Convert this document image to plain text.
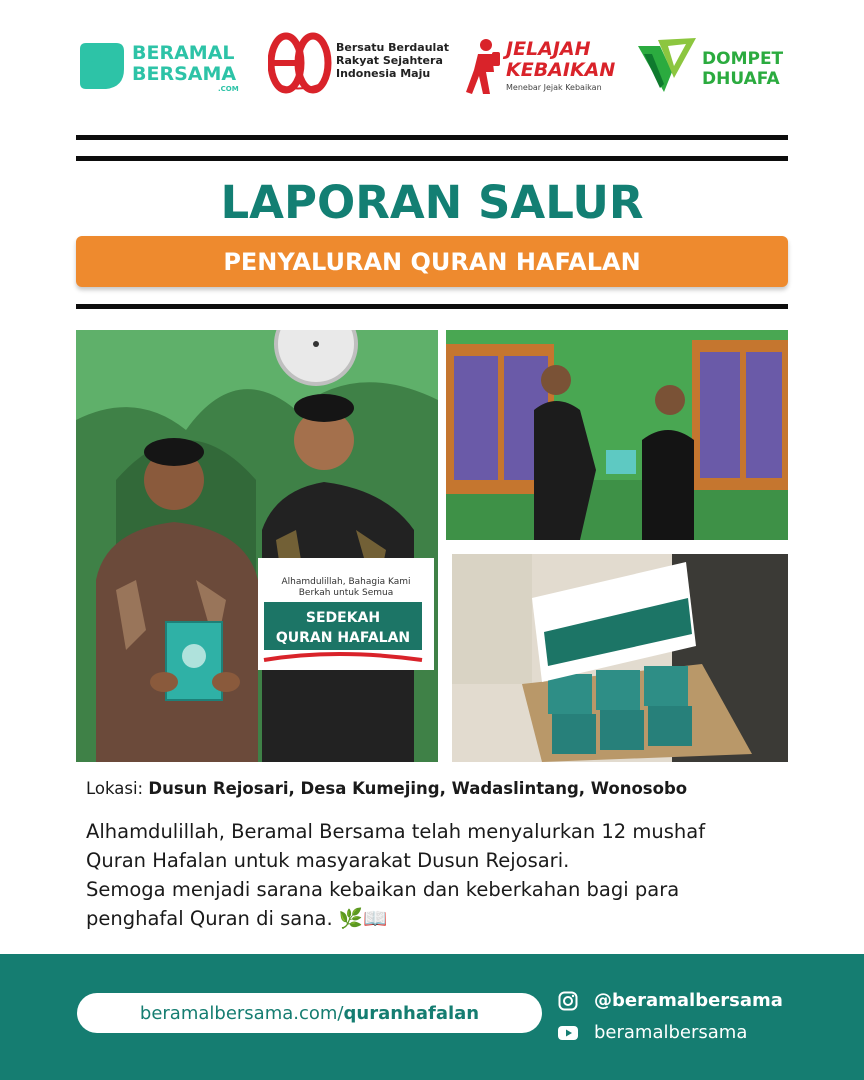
BERAMAL
BERSAMA
.COM
Bersatu Berdaulat
Rakyat Sejahtera
Indonesia Maju
JELAJAH
KEBAIKAN
Menebar Jejak Kebaikan
DOMPET
DHUAFA
LAPORAN SALUR
PENYALURAN QURAN HAFALAN
Alhamdulillah, Bahagia Kami
Berkah untuk Semua
SEDEKAH
QURAN HAFALAN
Lokasi: Dusun Rejosari, Desa Kumejing, Wadaslintang, Wonosobo

Alhamdulillah, Beramal Bersama telah menyalurkan 12 mushaf

Quran Hafalan untuk masyarakat Dusun Rejosari.

Semoga menjadi sarana kebaikan dan keberkahan bagi para

penghafal Quran di sana. 🌿📖

beramalbersama.com/ quranhafalan
@beramalbersama
beramalbersama
